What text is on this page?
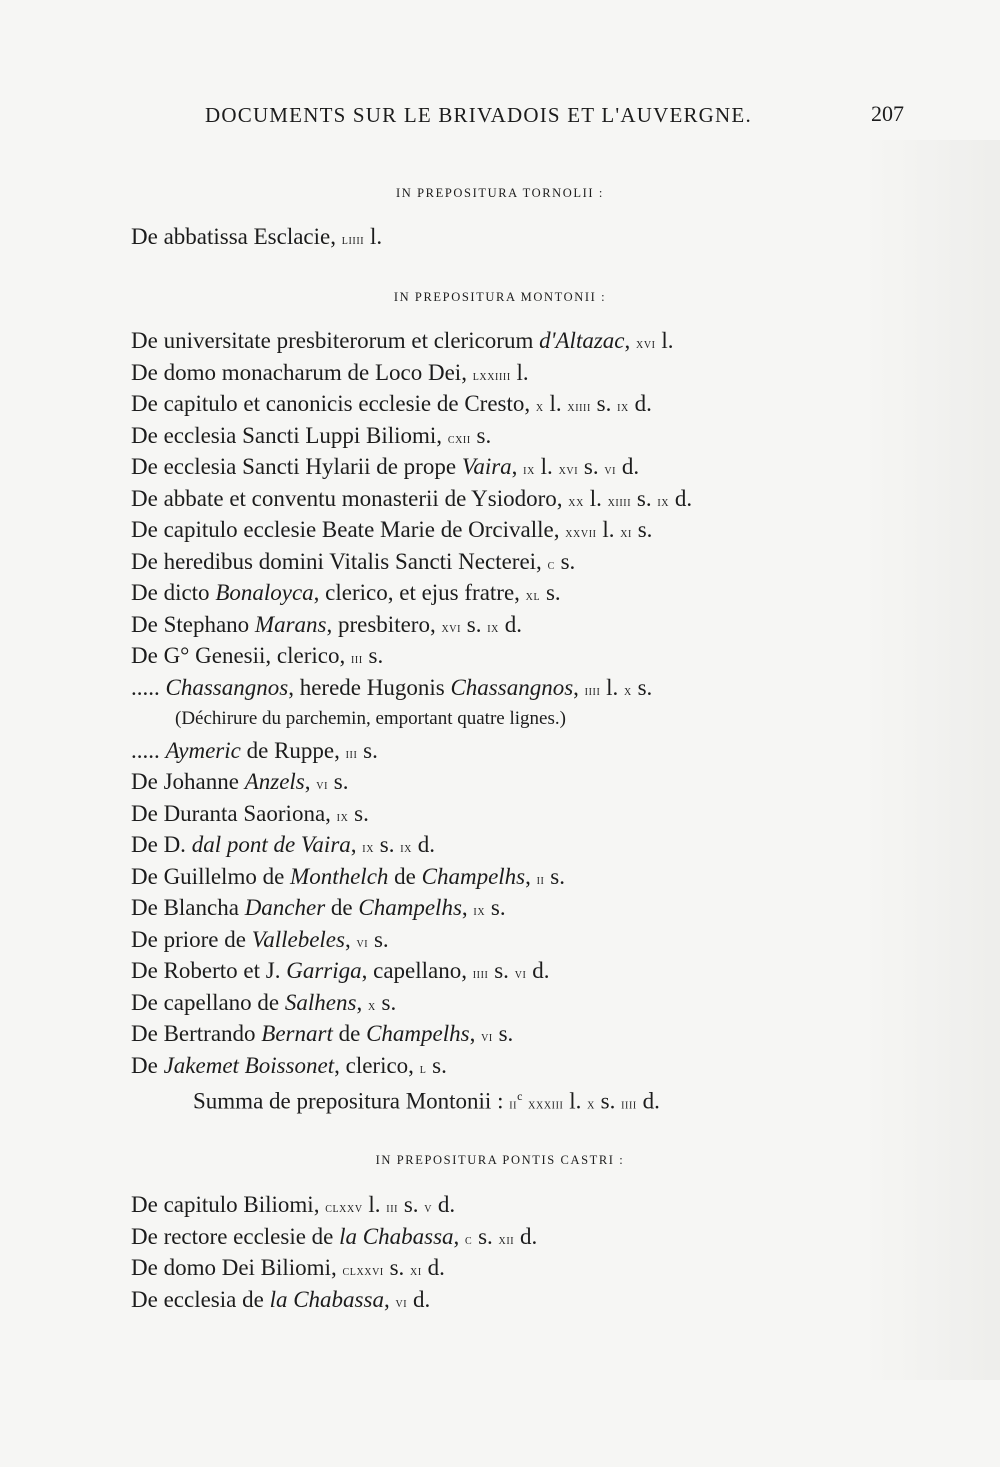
DOCUMENTS SUR LE BRIVADOIS ET L'AUVERGNE.	207
IN PREPOSITURA TORNOLII :
De abbatissa Esclacie, liiii l.
IN PREPOSITURA MONTONII :
De universitate presbiterorum et clericorum d'Altazac, xvi l.
De domo monacharum de Loco Dei, lxxiiii l.
De capitulo et canonicis ecclesie de Cresto, x l. xiiii s. ix d.
De ecclesia Sancti Luppi Biliomi, cxii s.
De ecclesia Sancti Hylarii de prope Vaira, ix l. xvi s. vi d.
De abbate et conventu monasterii de Ysiodoro, xx l. xiiii s. ix d.
De capitulo ecclesie Beate Marie de Orcivalle, xxvii l. xi s.
De heredibus domini Vitalis Sancti Necterei, c s.
De dicto Bonaloyca, clerico, et ejus fratre, xl s.
De Stephano Marans, presbitero, xvi s. ix d.
De G° Genesii, clerico, iii s.
..... Chassangnos, herede Hugonis Chassangnos, iiii l. x s.
(Déchirure du parchemin, emportant quatre lignes.)
..... Aymeric de Ruppe, iii s.
De Johanne Anzels, vi s.
De Duranta Saoriona, ix s.
De D. dal pont de Vaira, ix s. ix d.
De Guillelmo de Monthelch de Champelhs, ii s.
De Blancha Dancher de Champelhs, ix s.
De priore de Vallebeles, vi s.
De Roberto et J. Garriga, capellano, iiii s. vi d.
De capellano de Salhens, x s.
De Bertrando Bernart de Champelhs, vi s.
De Jakemet Boissonet, clerico, l s.
Summa de prepositura Montonii : $ii^c$ xxxiii l. x s. iiii d.
IN PREPOSITURA PONTIS CASTRI :
De capitulo Biliomi, clxxv l. iii s. v d.
De rectore ecclesie de la Chabassa, c s. xii d.
De domo Dei Biliomi, clxxvi s. xi d.
De ecclesia de la Chabassa, vi d.
